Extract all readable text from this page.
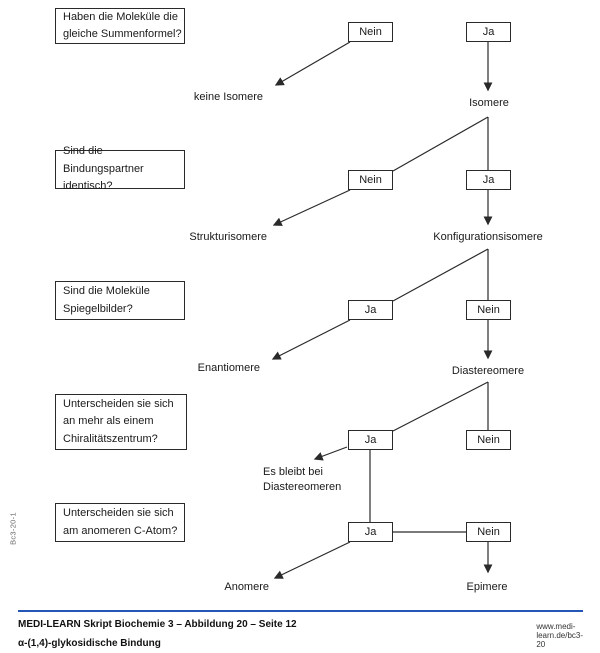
Haben die Moleküle die
gleiche Summenformel?
Sind die Bindungspartner
identisch?
Sind die Moleküle
Spiegelbilder?
Unterscheiden sie sich
an mehr als einem
Chiralitätszentrum?
Unterscheiden sie sich
am anomeren C-Atom?
Nein	Ja
Nein	Ja
Ja	Nein
Ja	Nein
Ja	Nein
keine Isomere	Isomere
Strukturisomere	Konfigurationsisomere
Enantiomere	Diastereomere
Es bleibt bei
Diastereomeren
Anomere	Epimere
Bc3-20-1
MEDI-LEARN Skript Biochemie 3 – Abbildung 20 – Seite 12	www.medi-learn.de/bc3-20
α-(1,4)-glykosidische Bindung
